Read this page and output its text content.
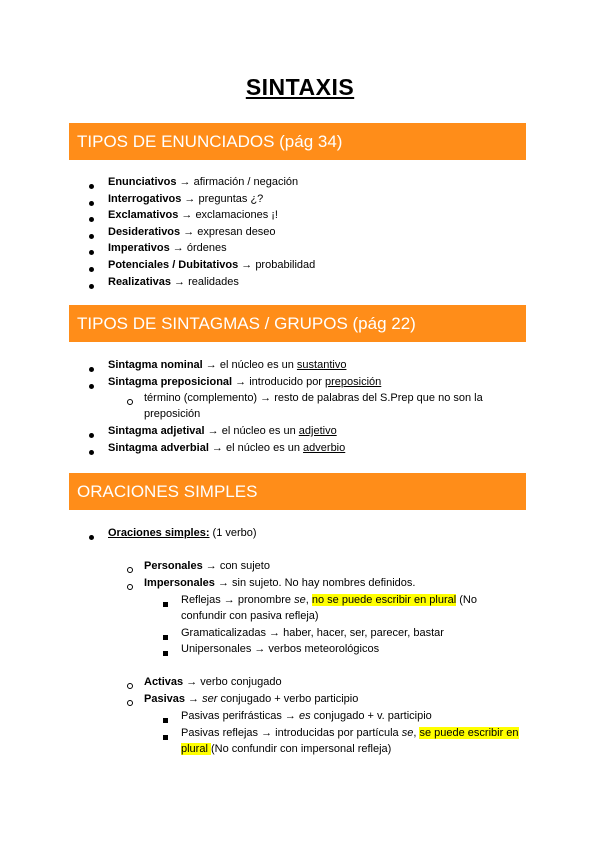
SINTAXIS
TIPOS DE ENUNCIADOS (pág 34)
Enunciativos → afirmación / negación
Interrogativos → preguntas ¿?
Exclamativos → exclamaciones ¡!
Desiderativos → expresan deseo
Imperativos → órdenes
Potenciales / Dubitativos → probabilidad
Realizativas → realidades
TIPOS DE SINTAGMAS / GRUPOS (pág 22)
Sintagma nominal → el núcleo es un sustantivo
Sintagma preposicional → introducido por preposición
término (complemento) → resto de palabras del S.Prep que no son la
preposición
Sintagma adjetival → el núcleo es un adjetivo
Sintagma adverbial → el núcleo es un adverbio
ORACIONES SIMPLES
Oraciones simples: (1 verbo)
Personales → con sujeto
Impersonales → sin sujeto. No hay nombres definidos.
Reflejas → pronombre se, no se puede escribir en plural (No
confundir con pasiva refleja)
Gramaticalizadas → haber, hacer, ser, parecer, bastar
Unipersonales → verbos meteorológicos
Activas → verbo conjugado
Pasivas → ser conjugado + verbo participio
Pasivas perifrásticas → es conjugado + v. participio
Pasivas reflejas → introducidas por partícula se, se puede escribir en
plural (No confundir con impersonal refleja)
